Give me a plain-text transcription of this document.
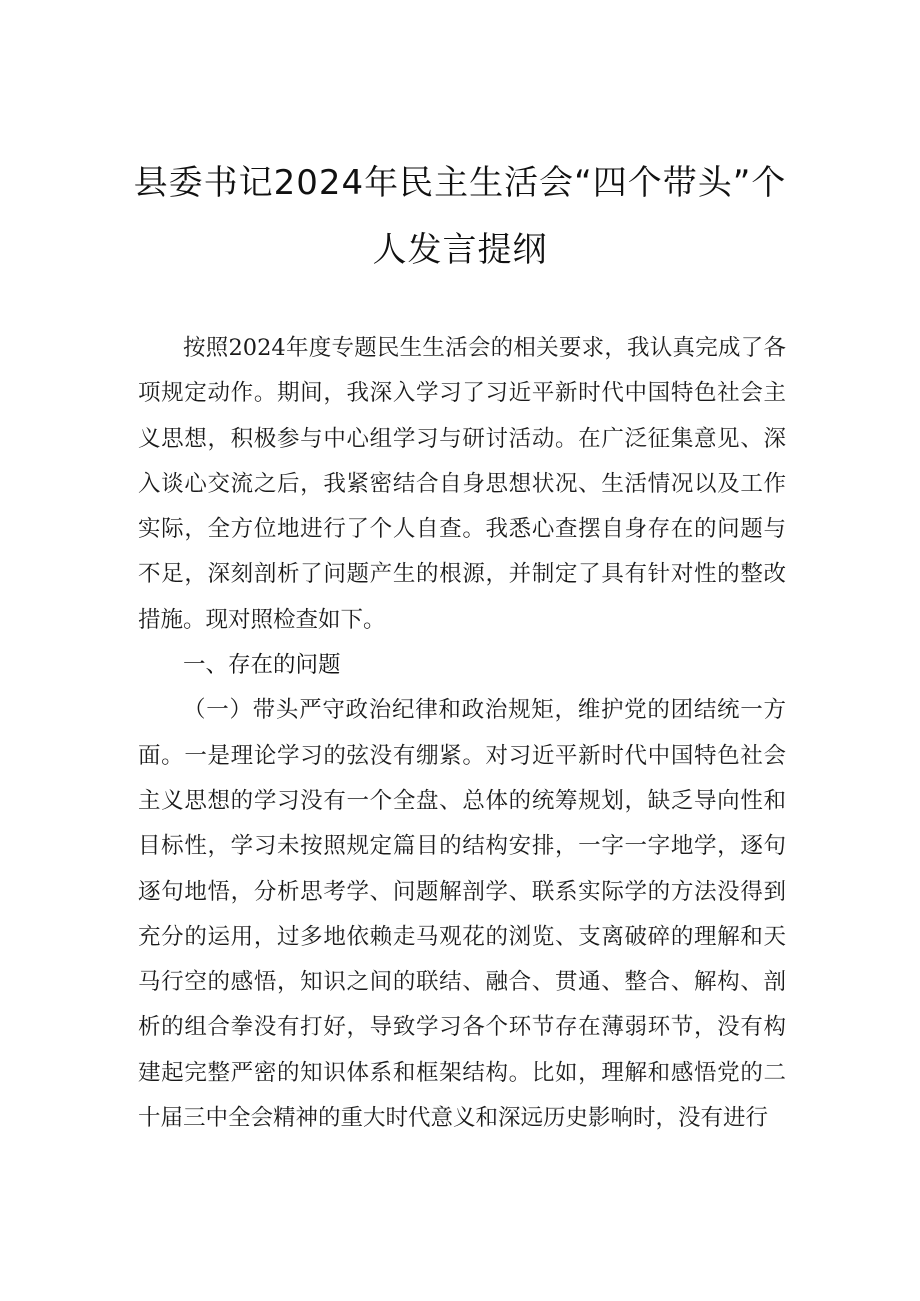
县委书记2024年民主生活会“四个带头”个
人发言提纲

按照2024年度专题民生生活会的相关要求，我认真完成了各项规定动作。期间，我深入学习了习近平新时代中国特色社会主义思想，积极参与中心组学习与研讨活动。在广泛征集意见、深入谈心交流之后，我紧密结合自身思想状况、生活情况以及工作实际，全方位地进行了个人自查。我悉心查摆自身存在的问题与不足，深刻剖析了问题产生的根源，并制定了具有针对性的整改措施。现对照检查如下。

一、存在的问题

（一）带头严守政治纪律和政治规矩，维护党的团结统一方面。一是理论学习的弦没有绷紧。对习近平新时代中国特色社会主义思想的学习没有一个全盘、总体的统筹规划，缺乏导向性和目标性，学习未按照规定篇目的结构安排，一字一字地学，逐句逐句地悟，分析思考学、问题解剖学、联系实际学的方法没得到充分的运用，过多地依赖走马观花的浏览、支离破碎的理解和天马行空的感悟，知识之间的联结、融合、贯通、整合、解构、剖析的组合拳没有打好，导致学习各个环节存在薄弱环节，没有构建起完整严密的知识体系和框架结构。比如，理解和感悟党的二十届三中全会精神的重大时代意义和深远历史影响时，没有进行
